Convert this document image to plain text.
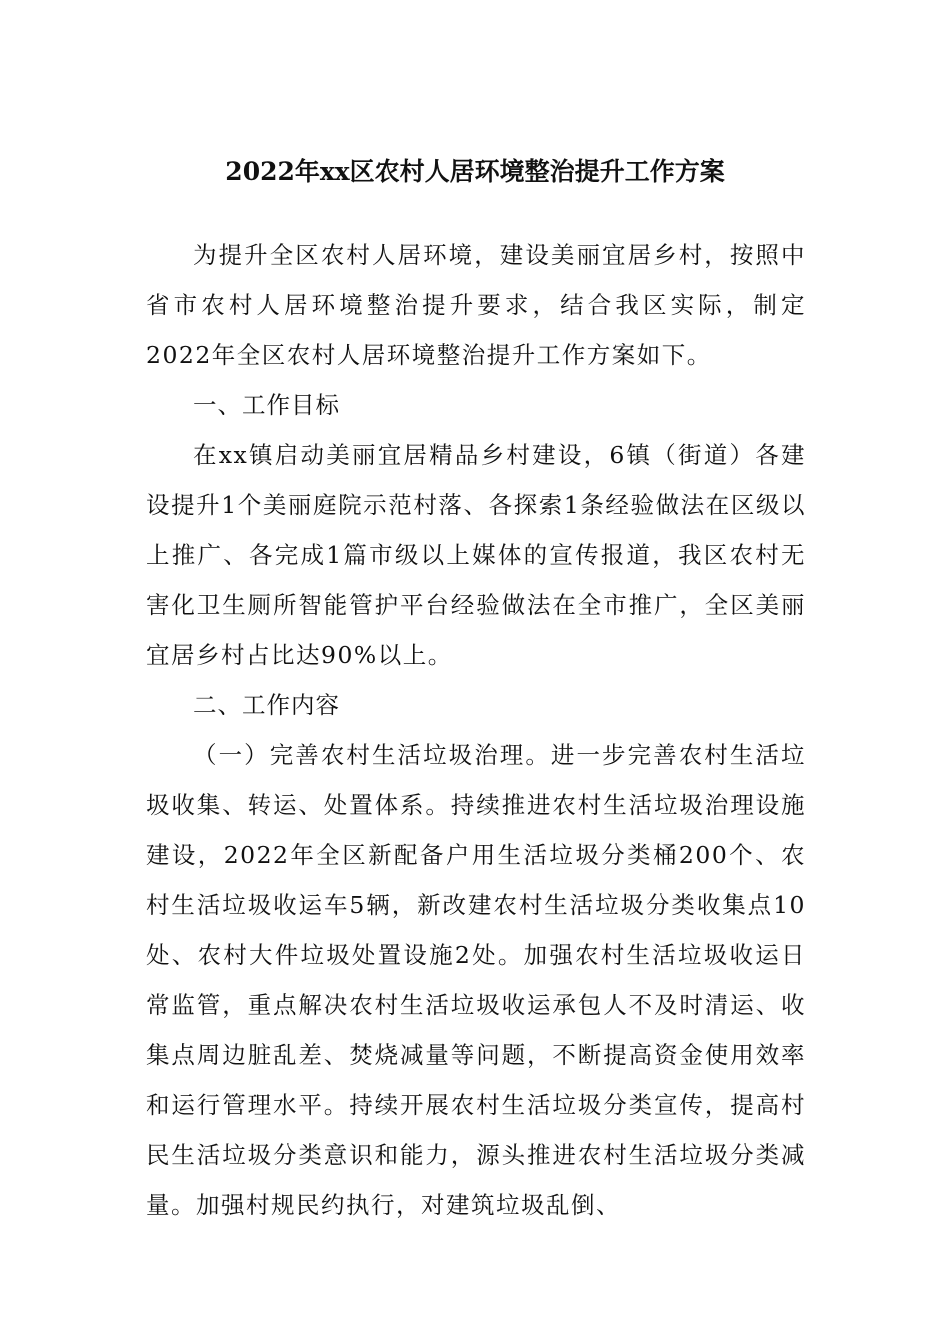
2022年xx区农村人居环境整治提升工作方案

为提升全区农村人居环境，建设美丽宜居乡村，按照中省市农村人居环境整治提升要求，结合我区实际，制定2022年全区农村人居环境整治提升工作方案如下。

一、工作目标

在xx镇启动美丽宜居精品乡村建设，6镇（街道）各建设提升1个美丽庭院示范村落、各探索1条经验做法在区级以上推广、各完成1篇市级以上媒体的宣传报道，我区农村无害化卫生厕所智能管护平台经验做法在全市推广，全区美丽宜居乡村占比达90%以上。

二、工作内容

（一）完善农村生活垃圾治理。进一步完善农村生活垃圾收集、转运、处置体系。持续推进农村生活垃圾治理设施建设，2022年全区新配备户用生活垃圾分类桶200个、农村生活垃圾收运车5辆，新改建农村生活垃圾分类收集点10处、农村大件垃圾处置设施2处。加强农村生活垃圾收运日常监管，重点解决农村生活垃圾收运承包人不及时清运、收集点周边脏乱差、焚烧减量等问题，不断提高资金使用效率和运行管理水平。持续开展农村生活垃圾分类宣传，提高村民生活垃圾分类意识和能力，源头推进农村生活垃圾分类减量。加强村规民约执行，对建筑垃圾乱倒、
